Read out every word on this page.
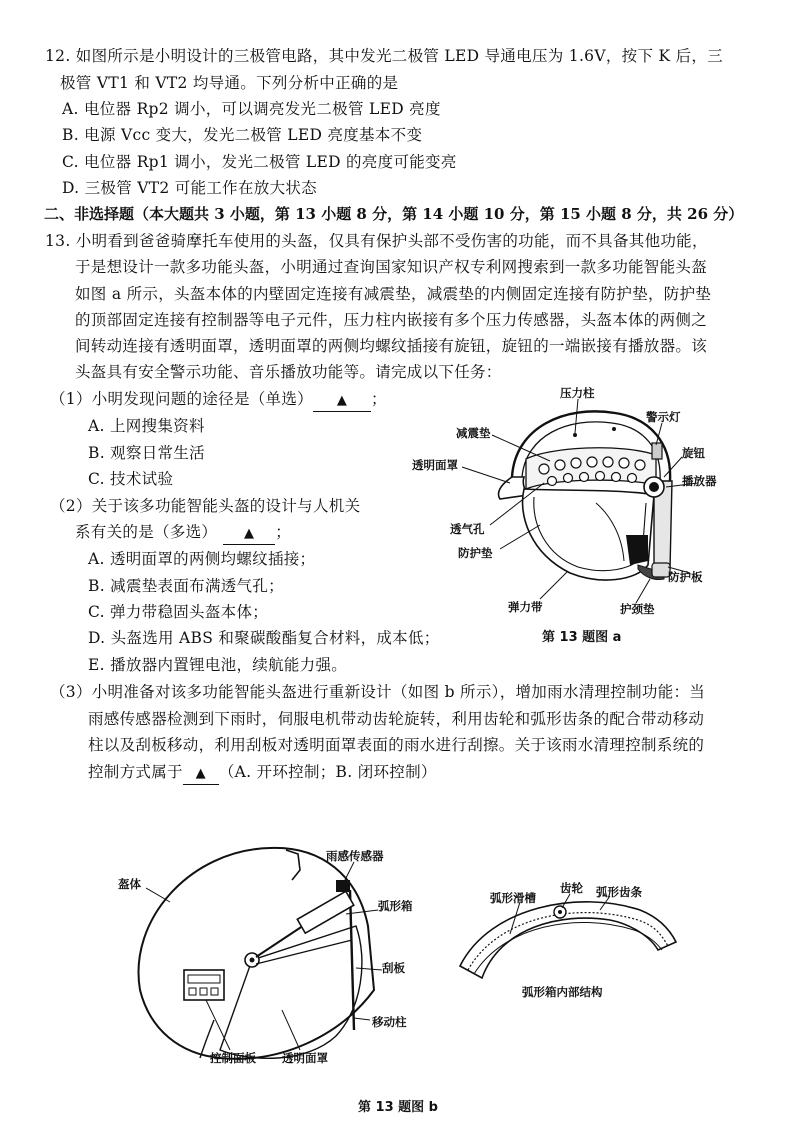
12. 如图所示是小明设计的三极管电路，其中发光二极管 LED 导通电压为 1.6V，按下 K 后，三
极管 VT1 和 VT2 均导通。下列分析中正确的是
A. 电位器 Rp2 调小，可以调亮发光二极管 LED 亮度
B. 电源 Vcc 变大，发光二极管 LED 亮度基本不变
C. 电位器 Rp1 调小，发光二极管 LED 的亮度可能变亮
D. 三极管 VT2 可能工作在放大状态
二、非选择题（本大题共 3 小题，第 13 小题 8 分，第 14 小题 10 分，第 15 小题 8 分，共 26 分）
13. 小明看到爸爸骑摩托车使用的头盔，仅具有保护头部不受伤害的功能，而不具备其他功能，
于是想设计一款多功能头盔，小明通过查询国家知识产权专利网搜索到一款多功能智能头盔
如图 a 所示，头盔本体的内壁固定连接有减震垫，减震垫的内侧固定连接有防护垫，防护垫
的顶部固定连接有控制器等电子元件，压力柱内嵌接有多个压力传感器，头盔本体的两侧之
间转动连接有透明面罩，透明面罩的两侧均螺纹插接有旋钮，旋钮的一端嵌接有播放器。该
头盔具有安全警示功能、音乐播放功能等。请完成以下任务：
（1）小明发现问题的途径是（单选） ▲ ；
A. 上网搜集资料
B. 观察日常生活
C. 技术试验
（2）关于该多功能智能头盔的设计与人机关
系有关的是（多选） ▲ ；
A. 透明面罩的两侧均螺纹插接；
B. 减震垫表面布满透气孔；
C. 弹力带稳固头盔本体；
D. 头盔选用 ABS 和聚碳酸酯复合材料，成本低；
E. 播放器内置锂电池，续航能力强。
（3）小明准备对该多功能智能头盔进行重新设计（如图 b 所示），增加雨水清理控制功能：当
雨感传感器检测到下雨时，伺服电机带动齿轮旋转，利用齿轮和弧形齿条的配合带动移动
柱以及刮板移动，利用刮板对透明面罩表面的雨水进行刮擦。关于该雨水清理控制系统的
控制方式属于 ▲ （A. 开环控制；B. 闭环控制）
压力柱
警示灯
减震垫
旋钮
透明面罩
播放器
透气孔
防护垫
防护板
弹力带	护颈垫
第 13 题图 a
盔体
雨感传感器
弧形箱
刮板
移动柱
控制面板 透明面罩
弧形滑槽
齿轮 弧形齿条
弧形箱内部结构
第 13 题图 b
